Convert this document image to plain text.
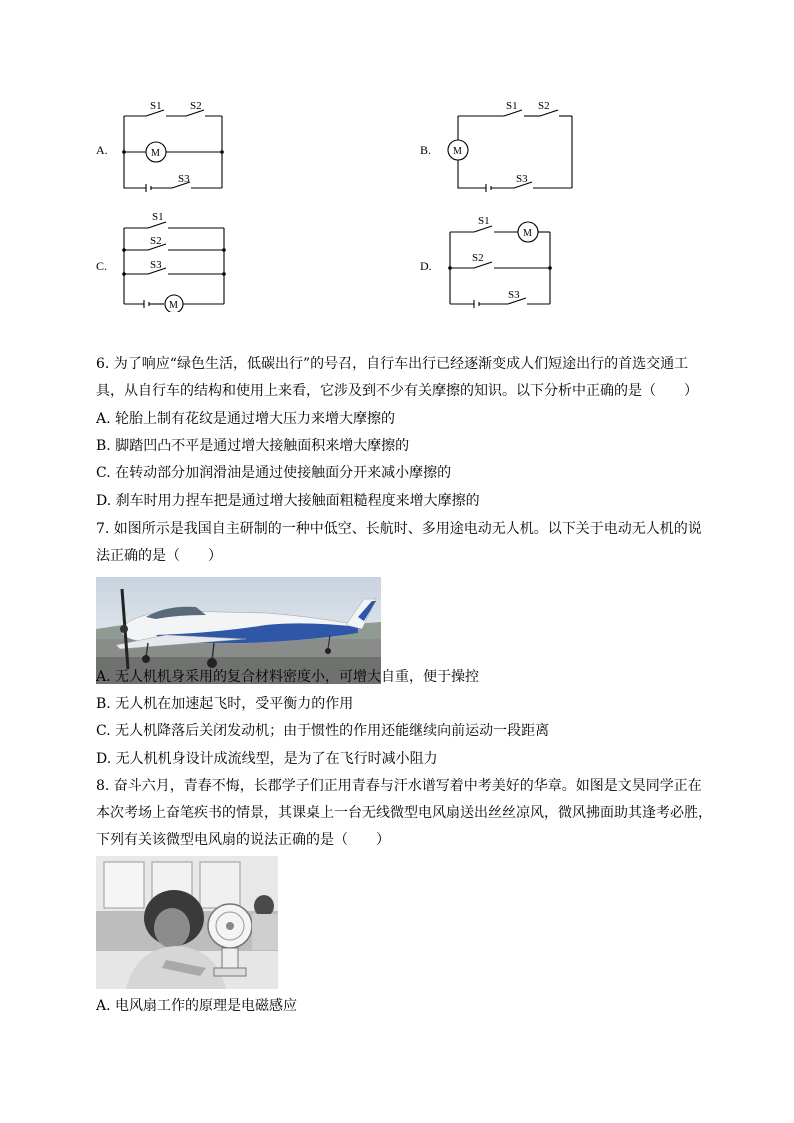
A.
S1	S2
S3
M	B.
S1 S2
S3
M
C.
S1
S2
S3
M
D.
S1
S2
S3
M
6. 为了响应“绿色生活，低碳出行”的号召，自行车出行已经逐渐变成人们短途出行的首选交通工
具，从自行车的结构和使用上来看，它涉及到不少有关摩擦的知识。以下分析中正确的是（　　）
A. 轮胎上制有花纹是通过增大压力来增大摩擦的
B. 脚踏凹凸不平是通过增大接触面积来增大摩擦的
C. 在转动部分加润滑油是通过使接触面分开来减小摩擦的
D. 刹车时用力捏车把是通过增大接触面粗糙程度来增大摩擦的
7. 如图所示是我国自主研制的一种中低空、长航时、多用途电动无人机。以下关于电动无人机的说
法正确的是（　　）
A. 无人机机身采用的复合材料密度小，可增大自重，便于操控
B. 无人机在加速起飞时，受平衡力的作用
C. 无人机降落后关闭发动机；由于惯性的作用还能继续向前运动一段距离
D. 无人机机身设计成流线型，是为了在飞行时减小阻力
8. 奋斗六月，青春不悔，长郡学子们正用青春与汗水谱写着中考美好的华章。如图是文昊同学正在
本次考场上奋笔疾书的情景，其课桌上一台无线微型电风扇送出丝丝凉风，微风拂面助其逢考必胜，
下列有关该微型电风扇的说法正确的是（　　）
A. 电风扇工作的原理是电磁感应
